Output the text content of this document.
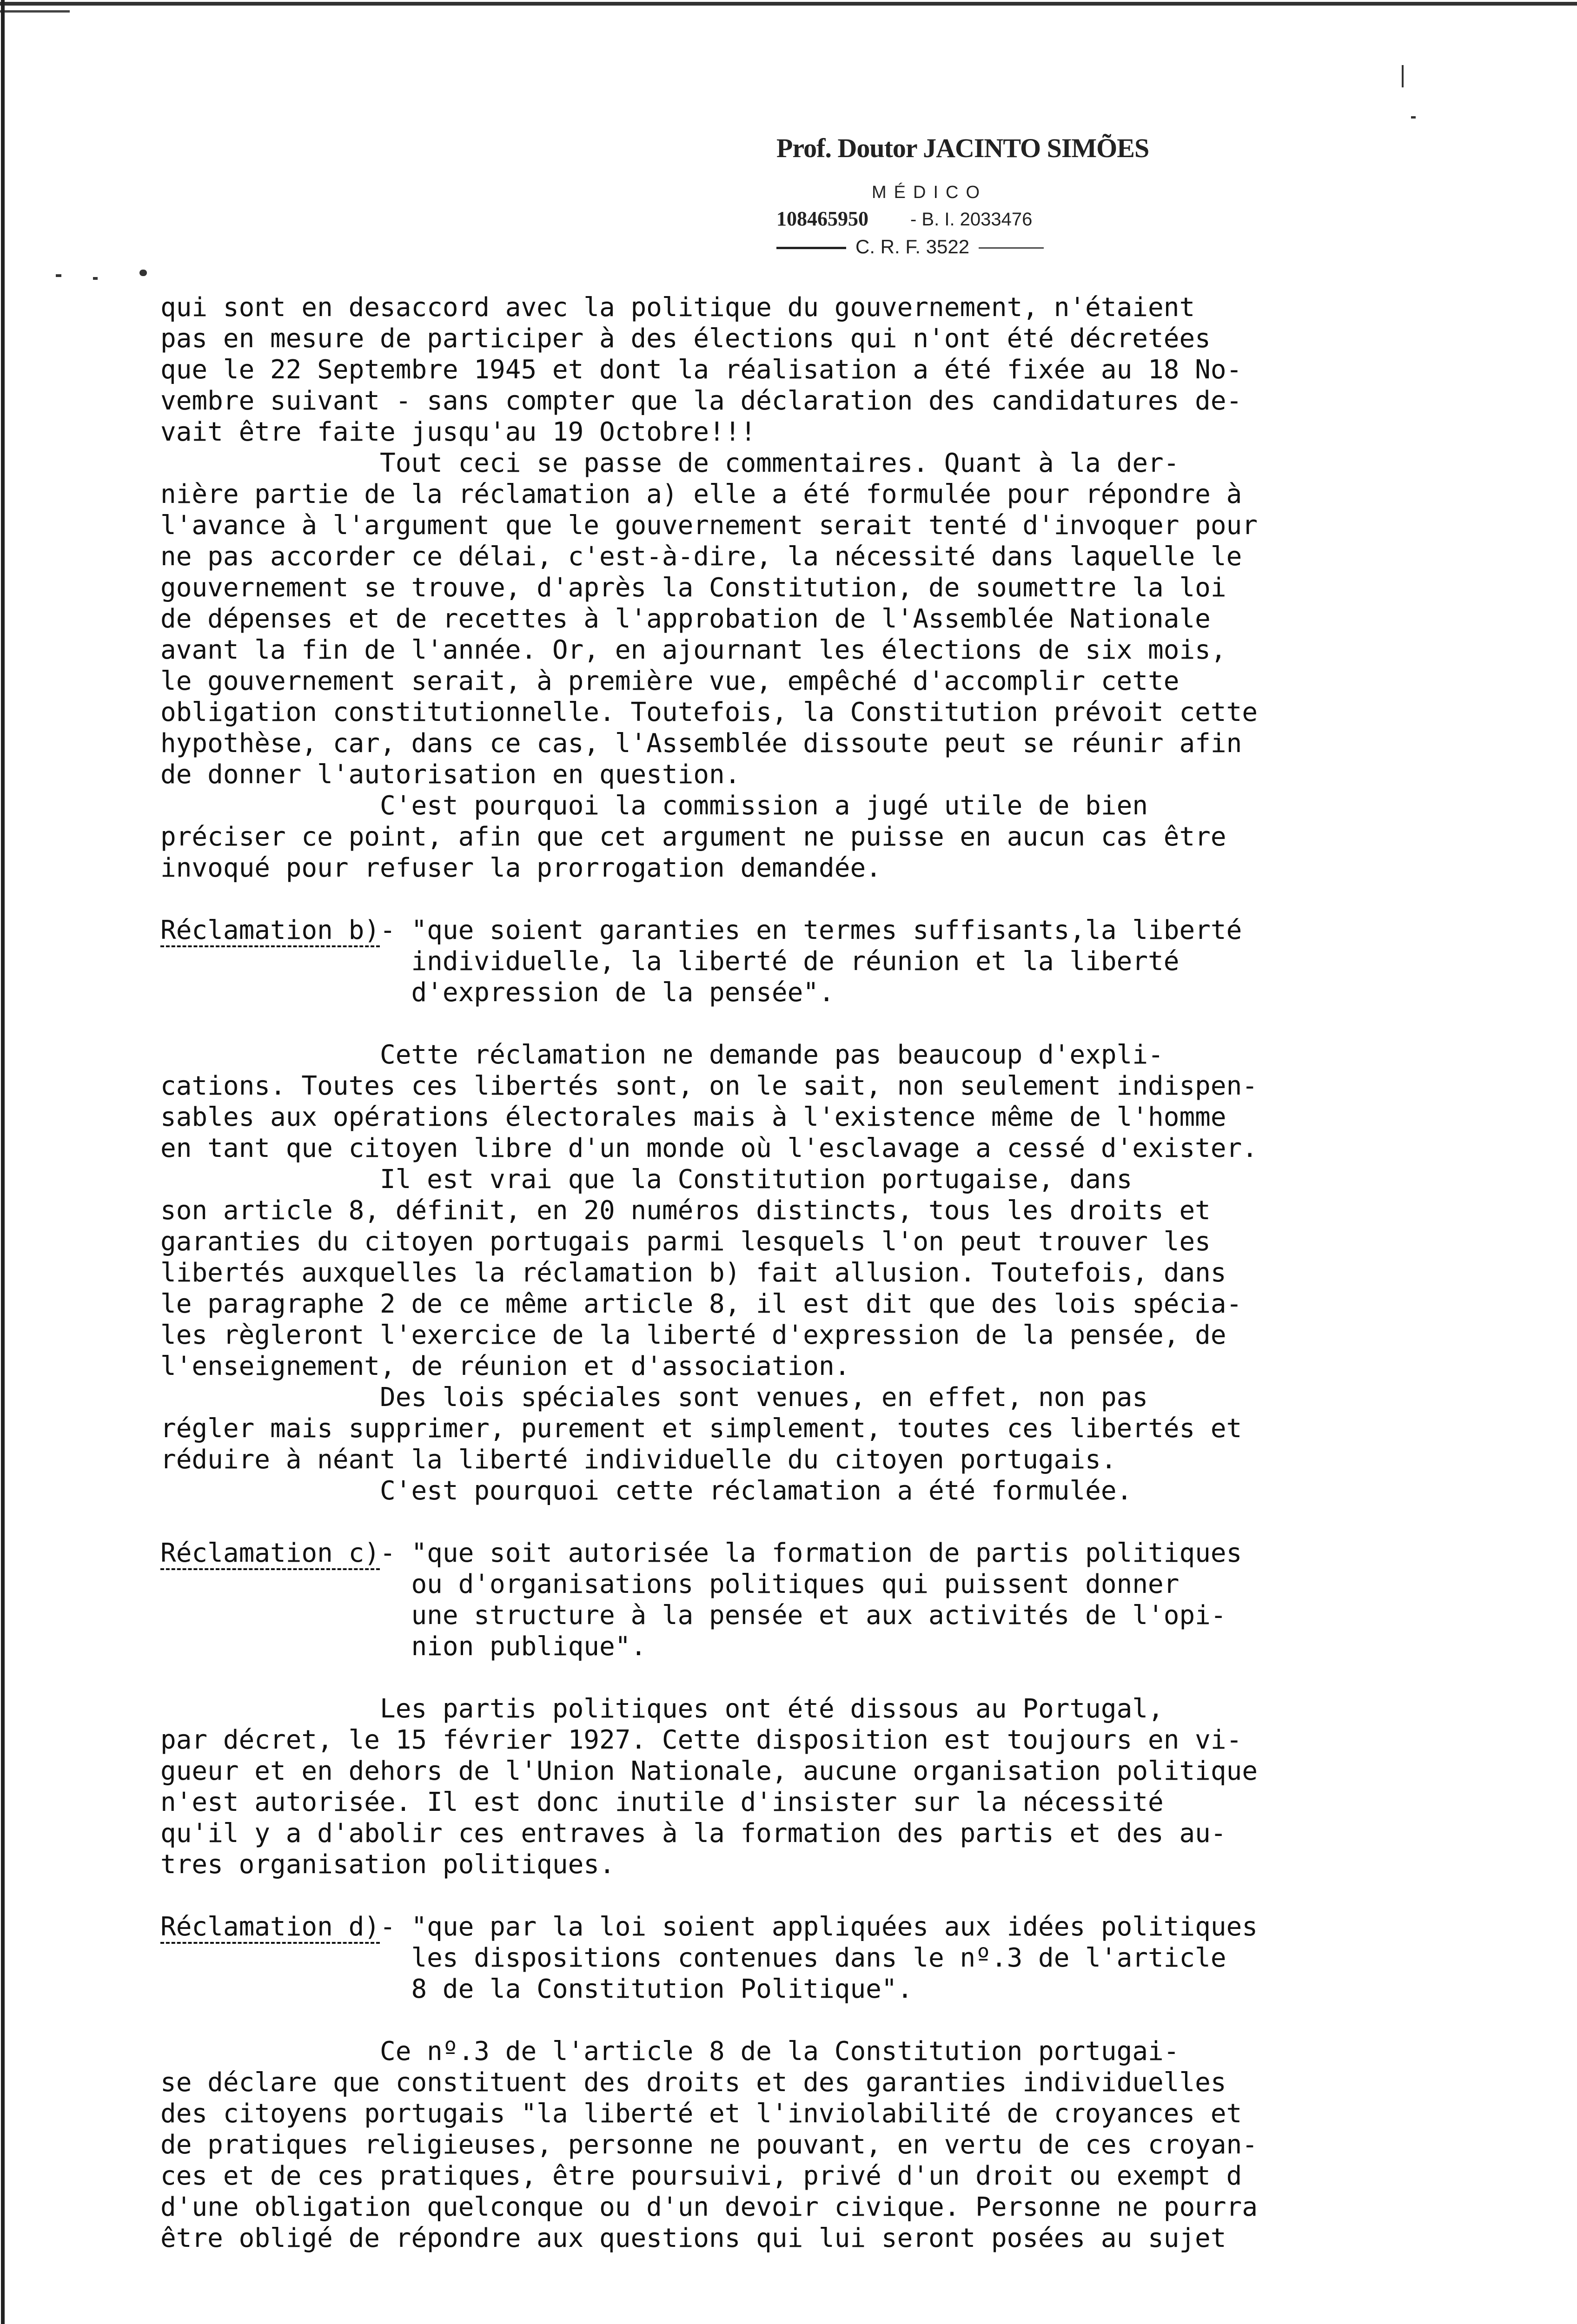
Prof. Doutor JACINTO SIMÕES
MÉDICO
108465950 - B. I. 2033476
C. R. F. 3522
qui sont en desaccord avec la politique du gouvernement, n'étaient
pas en mesure de participer à des élections qui n'ont été décretées
que le 22 Septembre 1945 et dont la réalisation a été fixée au 18 No-
vembre suivant - sans compter que la déclaration des candidatures de-
vait être faite jusqu'au 19 Octobre!!!
Tout ceci se passe de commentaires. Quant à la der-
nière partie de la réclamation a) elle a été formulée pour répondre à
l'avance à l'argument que le gouvernement serait tenté d'invoquer pour
ne pas accorder ce délai, c'est-à-dire, la nécessité dans laquelle le
gouvernement se trouve, d'après la Constitution, de soumettre la loi
de dépenses et de recettes à l'approbation de l'Assemblée Nationale
avant la fin de l'année. Or, en ajournant les élections de six mois,
le gouvernement serait, à première vue, empêché d'accomplir cette
obligation constitutionnelle. Toutefois, la Constitution prévoit cette
hypothèse, car, dans ce cas, l'Assemblée dissoute peut se réunir afin
de donner l'autorisation en question.
C'est pourquoi la commission a jugé utile de bien
préciser ce point, afin que cet argument ne puisse en aucun cas être
invoqué pour refuser la prorrogation demandée.

Réclamation b)- "que soient garanties en termes suffisants,la liberté
individuelle, la liberté de réunion et la liberté
d'expression de la pensée".

Cette réclamation ne demande pas beaucoup d'expli-
cations. Toutes ces libertés sont, on le sait, non seulement indispen-
sables aux opérations électorales mais à l'existence même de l'homme
en tant que citoyen libre d'un monde où l'esclavage a cessé d'exister.
Il est vrai que la Constitution portugaise, dans
son article 8, définit, en 20 numéros distincts, tous les droits et
garanties du citoyen portugais parmi lesquels l'on peut trouver les
libertés auxquelles la réclamation b) fait allusion. Toutefois, dans
le paragraphe 2 de ce même article 8, il est dit que des lois spécia-
les règleront l'exercice de la liberté d'expression de la pensée, de
l'enseignement, de réunion et d'association.
Des lois spéciales sont venues, en effet, non pas
régler mais supprimer, purement et simplement, toutes ces libertés et
réduire à néant la liberté individuelle du citoyen portugais.
C'est pourquoi cette réclamation a été formulée.

Réclamation c)- "que soit autorisée la formation de partis politiques
ou d'organisations politiques qui puissent donner
une structure à la pensée et aux activités de l'opi-
nion publique".

Les partis politiques ont été dissous au Portugal,
par décret, le 15 février 1927. Cette disposition est toujours en vi-
gueur et en dehors de l'Union Nationale, aucune organisation politique
n'est autorisée. Il est donc inutile d'insister sur la nécessité
qu'il y a d'abolir ces entraves à la formation des partis et des au-
tres organisation politiques.

Réclamation d)- "que par la loi soient appliquées aux idées politiques
les dispositions contenues dans le nº.3 de l'article
8 de la Constitution Politique".

Ce nº.3 de l'article 8 de la Constitution portugai-
se déclare que constituent des droits et des garanties individuelles
des citoyens portugais "la liberté et l'inviolabilité de croyances et
de pratiques religieuses, personne ne pouvant, en vertu de ces croyan-
ces et de ces pratiques, être poursuivi, privé d'un droit ou exempt d
d'une obligation quelconque ou d'un devoir civique. Personne ne pourra
être obligé de répondre aux questions qui lui seront posées au sujet
